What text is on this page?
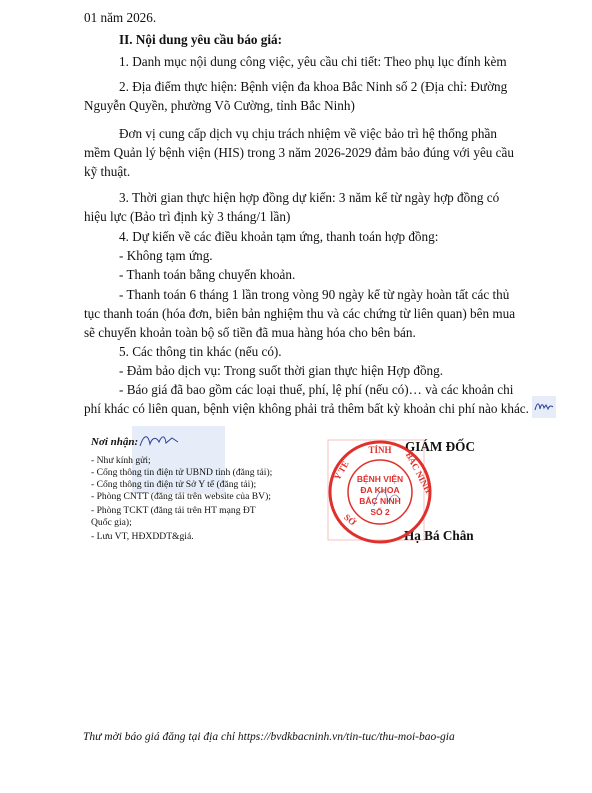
01 năm 2026.
II. Nội dung yêu cầu báo giá:
1. Danh mục nội dung công việc, yêu cầu chi tiết: Theo phụ lục đính kèm
2. Địa điểm thực hiện: Bệnh viện đa khoa Bắc Ninh số 2 (Địa chỉ: Đường
Nguyễn Quyền, phường Võ Cường, tỉnh Bắc Ninh)
Đơn vị cung cấp dịch vụ chịu trách nhiệm về việc bảo trì hệ thống phần
mềm Quản lý bệnh viện (HIS) trong 3 năm 2026-2029 đảm bảo đúng với yêu cầu
kỹ thuật.
3. Thời gian thực hiện hợp đồng dự kiến: 3 năm kể từ ngày hợp đồng có
hiệu lực (Bảo trì định kỳ 3 tháng/1 lần)
4. Dự kiến về các điều khoản tạm ứng, thanh toán hợp đồng:
- Không tạm ứng.
- Thanh toán bằng chuyển khoản.
- Thanh toán 6 tháng 1 lần trong vòng 90 ngày kể từ ngày hoàn tất các thủ
tục thanh toán (hóa đơn, biên bản nghiệm thu và các chứng từ liên quan) bên mua
sẽ chuyển khoản toàn bộ số tiền đã mua hàng hóa cho bên bán.
5. Các thông tin khác (nếu có).
- Đảm bảo dịch vụ: Trong suốt thời gian thực hiện Hợp đồng.
- Báo giá đã bao gồm các loại thuế, phí, lệ phí (nếu có)… và các khoản chi
phí khác có liên quan, bệnh viện không phải trả thêm bất kỳ khoản chi phí nào khác.
Nơi nhận:
- Như kính gửi;
- Cổng thông tin điện tử UBND tỉnh (đăng tải);
- Cổng thông tin điện tử Sở Y tế (đăng tải);
- Phòng CNTT (đăng tải trên website của BV);
- Phòng TCKT (đăng tải trên HT mạng ĐT
Quốc gia);
- Lưu VT, HĐXDDT&giá.
GIÁM ĐỐC
Hạ Bá Chân
TỈNH
Y TẾ	BẮC NINH
SỞ
BỆNH VIỆN
ĐA KHOA
BẮC NINH
SỐ 2
Thư mời báo giá đăng tại địa chỉ https://bvdkbacninh.vn/tin-tuc/thu-moi-bao-gia
